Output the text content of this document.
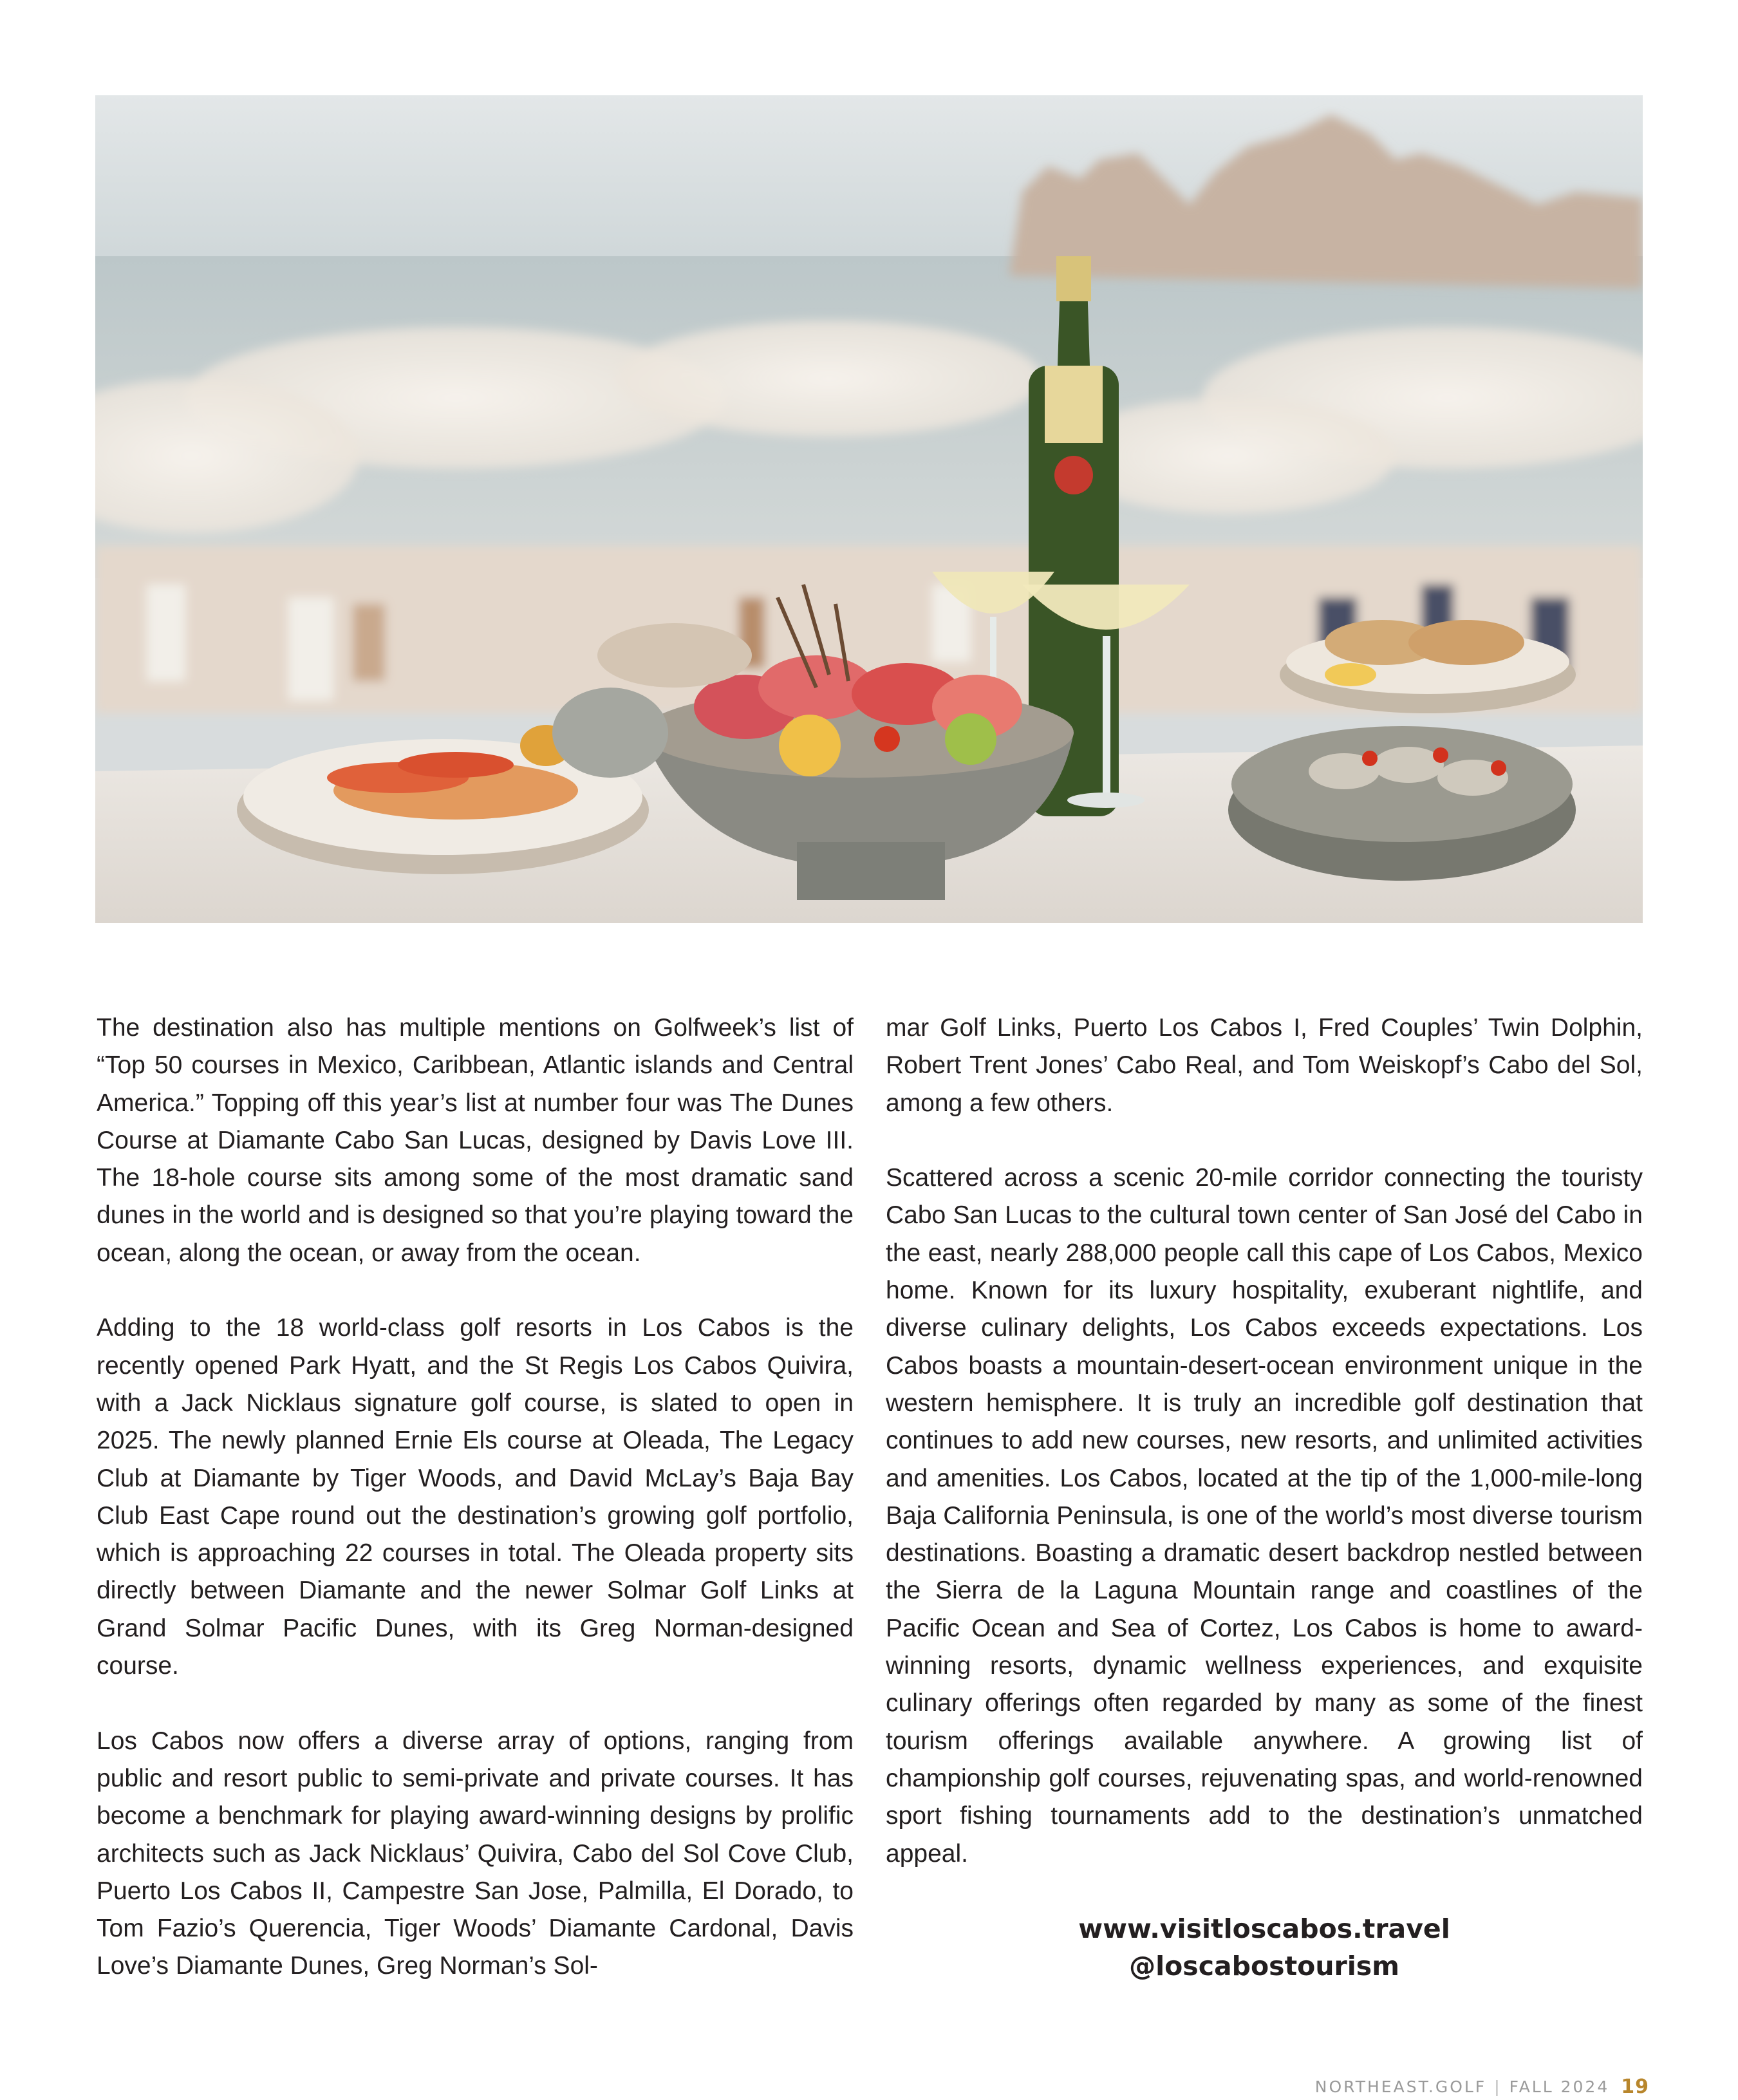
The destination also has multiple mentions on Golfweek’s list of “Top 50 courses in Mexico, Caribbean, Atlantic islands and Central America.” Topping off this year’s list at number four was The Dunes Course at Diamante Cabo San Lucas, designed by Davis Love III. The 18-hole course sits among some of the most dramatic sand dunes in the world and is designed so that you’re playing toward the ocean, along the ocean, or away from the ocean.

Adding to the 18 world-class golf resorts in Los Cabos is the recently opened Park Hyatt, and the St Regis Los Cabos Quivira, with a Jack Nicklaus signature golf course, is slated to open in 2025. The newly planned Ernie Els course at Oleada, The Legacy Club at Diamante by Tiger Woods, and David McLay’s Baja Bay Club East Cape round out the destination’s growing golf portfolio, which is approaching 22 courses in total. The Oleada property sits directly between Diamante and the newer Solmar Golf Links at Grand Solmar Pacific Dunes, with its Greg Norman-designed course.

Los Cabos now offers a diverse array of options, ranging from public and resort public to semi-private and private courses. It has become a benchmark for playing award-winning designs by prolific architects such as Jack Nicklaus’ Quivira, Cabo del Sol Cove Club, Puerto Los Cabos II, Campestre San Jose, Palmilla, El Dorado, to Tom Fazio’s Querencia, Tiger Woods’ Diamante Cardonal, Davis Love’s Diamante Dunes, Greg Norman’s Sol-

mar Golf Links, Puerto Los Cabos I, Fred Couples’ Twin Dolphin, Robert Trent Jones’ Cabo Real, and Tom Weiskopf’s Cabo del Sol, among a few others.

Scattered across a scenic 20-mile corridor connecting the touristy Cabo San Lucas to the cultural town center of San José del Cabo in the east, nearly 288,000 people call this cape of Los Cabos, Mexico home. Known for its luxury hospitality, exuberant nightlife, and diverse culinary delights, Los Cabos exceeds expectations. Los Cabos boasts a mountain-desert-ocean environment unique in the western hemisphere. It is truly an incredible golf destination that continues to add new courses, new resorts, and unlimited activities and amenities. Los Cabos, located at the tip of the 1,000-mile-long Baja California Peninsula, is one of the world’s most diverse tourism destinations. Boasting a dramatic desert backdrop nestled between the Sierra de la Laguna Mountain range and coastlines of the Pacific Ocean and Sea of Cortez, Los Cabos is home to award-winning resorts, dynamic wellness experiences, and exquisite culinary offerings often regarded by many as some of the finest tourism offerings available anywhere. A growing list of championship golf courses, rejuvenating spas, and world-renowned sport fishing tournaments add to the destination’s unmatched appeal.

www.visitloscabos.travel
@loscabostourism
NORTHEAST.GOLF | FALL 2024 19
